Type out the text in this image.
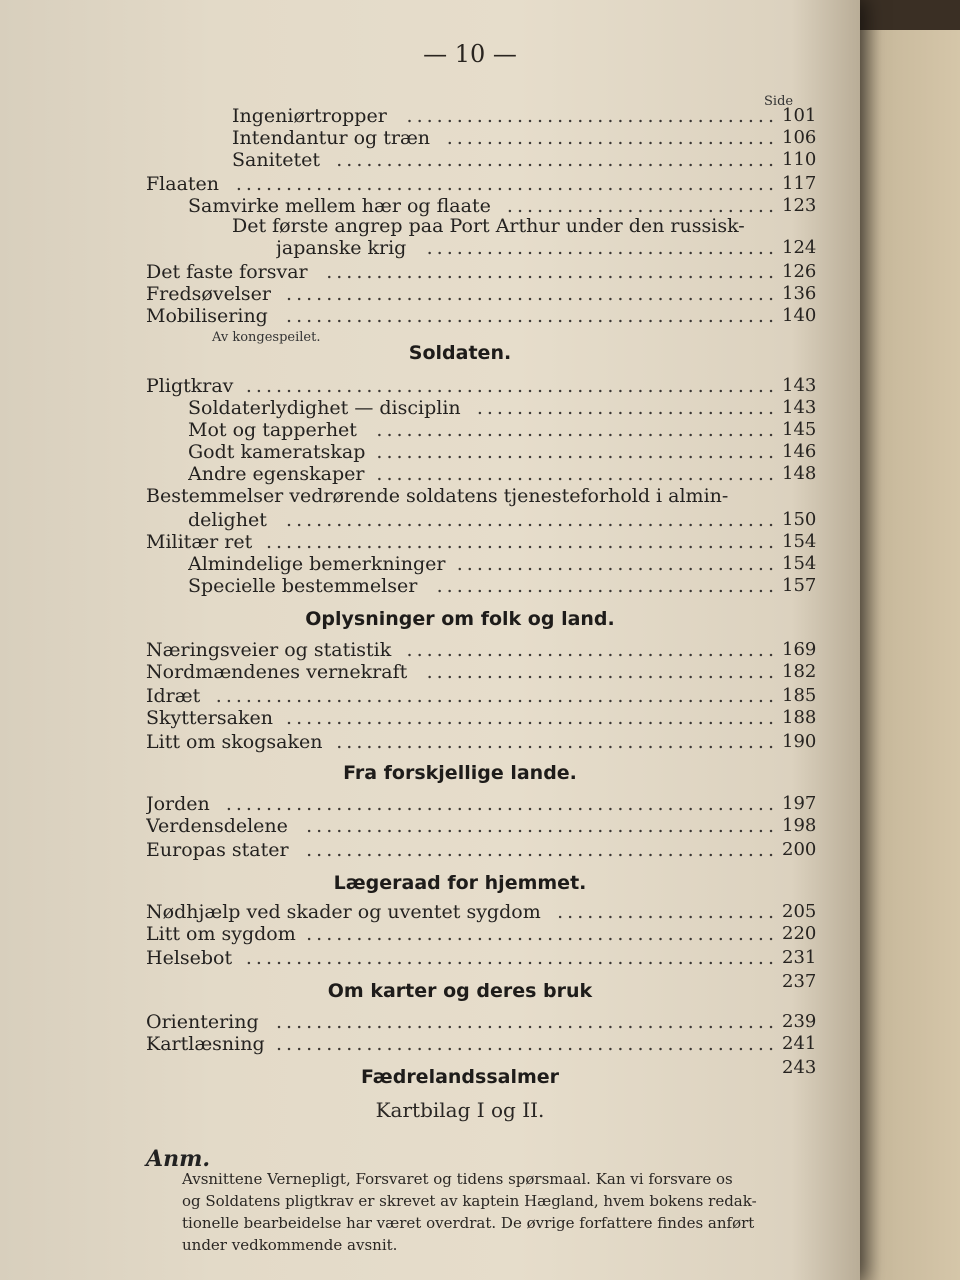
— 10 —
Side
Ingeniørtropper ..................................... 101
Intendantur og træn ................................. 106
Sanitetet ............................................ 110
Flaaten ...................................................... 117
Samvirke mellem hær og flaate ........................... 123
Det første angrep paa Port Arthur under den russisk-
japanske krig ................................... 124
Det faste forsvar ............................................. 126
Fredsøvelser ................................................. 136
Mobilisering ................................................. 140
Av kongespeilet.
Soldaten.
Pligtkrav ..................................................... 143
Soldaterlydighet — disciplin .............................. 143
Mot og tapperhet ........................................ 145
Godt kameratskap ........................................ 146
Andre egenskaper ........................................ 148
Bestemmelser vedrørende soldatens tjenesteforhold i almin-
delighet ................................................. 150
Militær ret ................................................... 154
Almindelige bemerkninger ................................ 154
Specielle bestemmelser .................................. 157
Oplysninger om folk og land.
Næringsveier og statistik ..................................... 169
Nordmændenes vernekraft ................................... 182
Idræt ........................................................ 185
Skyttersaken ................................................. 188
Litt om skogsaken ............................................ 190
Fra forskjellige lande.
Jorden ....................................................... 197
Verdensdelene ............................................... 198
Europas stater ............................................... 200
Lægeraad for hjemmet.
Nødhjælp ved skader og uventet sygdom ...................... 205
Litt om sygdom ............................................... 220
Helsebot ..................................................... 231
Om karter og deres bruk	237
Orientering .................................................. 239
Kartlæsning .................................................. 241
Fædrelandssalmer	243
Kartbilag I og II.
Anm.
Avsnittene Vernepligt, Forsvaret og tidens spørsmaal. Kan vi forsvare os
og Soldatens pligtkrav er skrevet av kaptein Hægland, hvem bokens redak-
tionelle bearbeidelse har været overdrat. De øvrige forfattere findes anført
under vedkommende avsnit.
